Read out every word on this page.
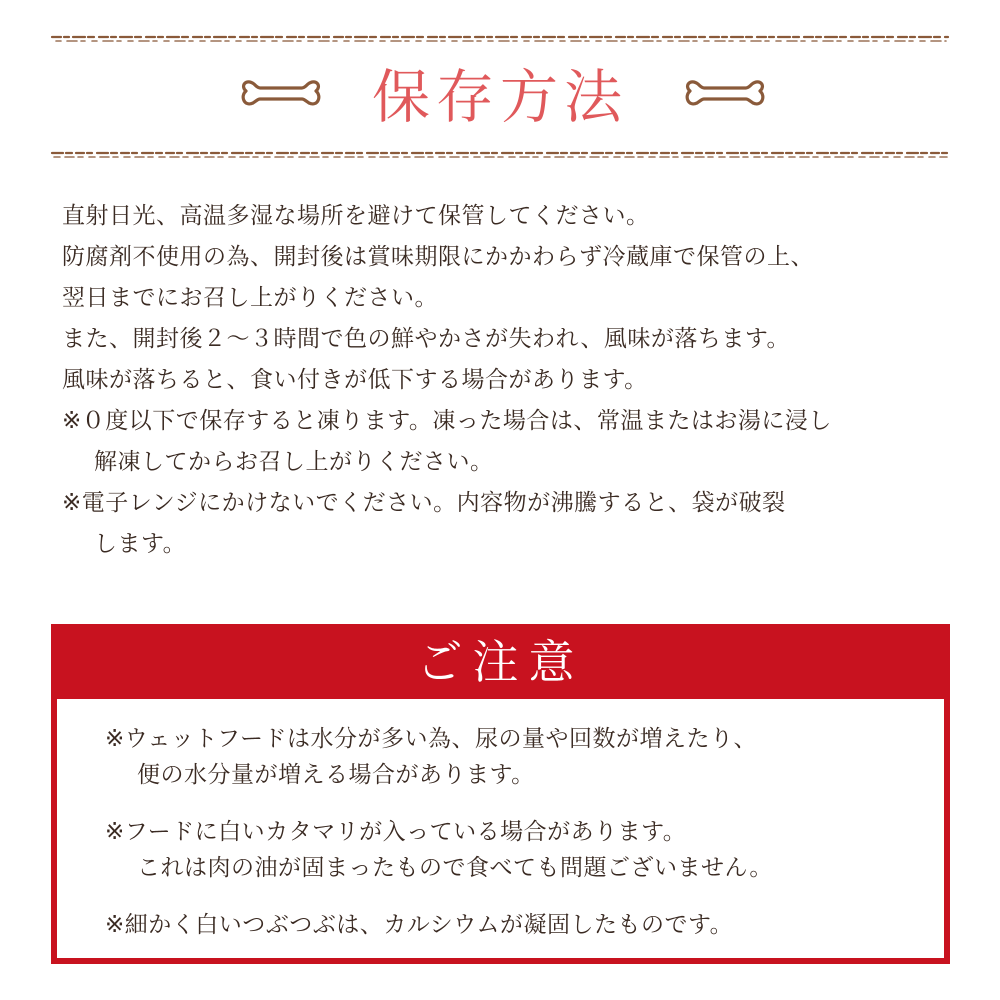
保存方法
直射日光、高温多湿な場所を避けて保管してください。
防腐剤不使用の為、開封後は賞味期限にかかわらず冷蔵庫で保管の上、
翌日までにお召し上がりください。
また、開封後２〜３時間で色の鮮やかさが失われ、風味が落ちます。
風味が落ちると、食い付きが低下する場合があります。
※０度以下で保存すると凍ります。凍った場合は、常温またはお湯に浸し
解凍してからお召し上がりください。
※電子レンジにかけないでください。内容物が沸騰すると、袋が破裂
します。
ご注意
※ウェットフードは水分が多い為、尿の量や回数が増えたり、
便の水分量が増える場合があります。
※フードに白いカタマリが入っている場合があります。
これは肉の油が固まったもので食べても問題ございません。
※細かく白いつぶつぶは、カルシウムが凝固したものです。
